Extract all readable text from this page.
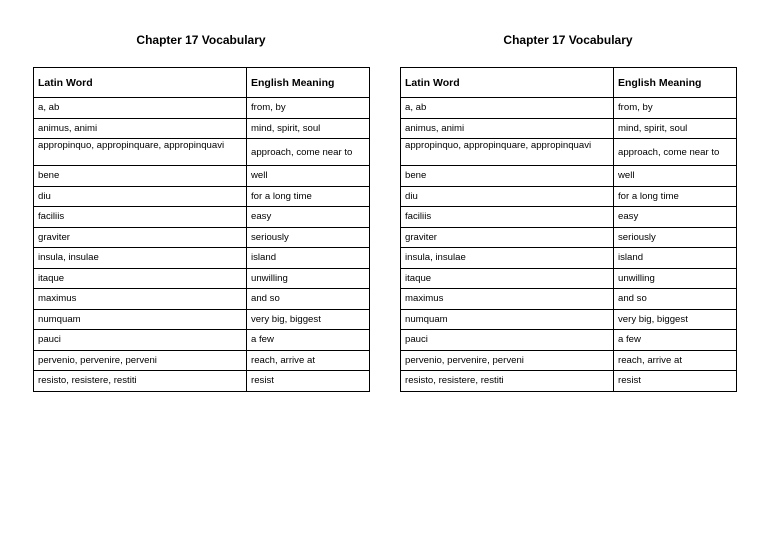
Chapter 17 Vocabulary
Latin Word	English Meaning
a, ab	from, by
animus, animi	mind, spirit, soul
appropinquo, appropinquare, appropinquavi	approach, come near to
bene	well
diu	for a long time
faciliis	easy
graviter	seriously
insula, insulae	island
itaque	unwilling
maximus	and so
numquam	very big, biggest
pauci	a few
pervenio, pervenire, perveni	reach, arrive at
resisto, resistere, restiti	resist
Chapter 17 Vocabulary
Latin Word	English Meaning
a, ab	from, by
animus, animi	mind, spirit, soul
appropinquo, appropinquare, appropinquavi	approach, come near to
bene	well
diu	for a long time
faciliis	easy
graviter	seriously
insula, insulae	island
itaque	unwilling
maximus	and so
numquam	very big, biggest
pauci	a few
pervenio, pervenire, perveni	reach, arrive at
resisto, resistere, restiti	resist
